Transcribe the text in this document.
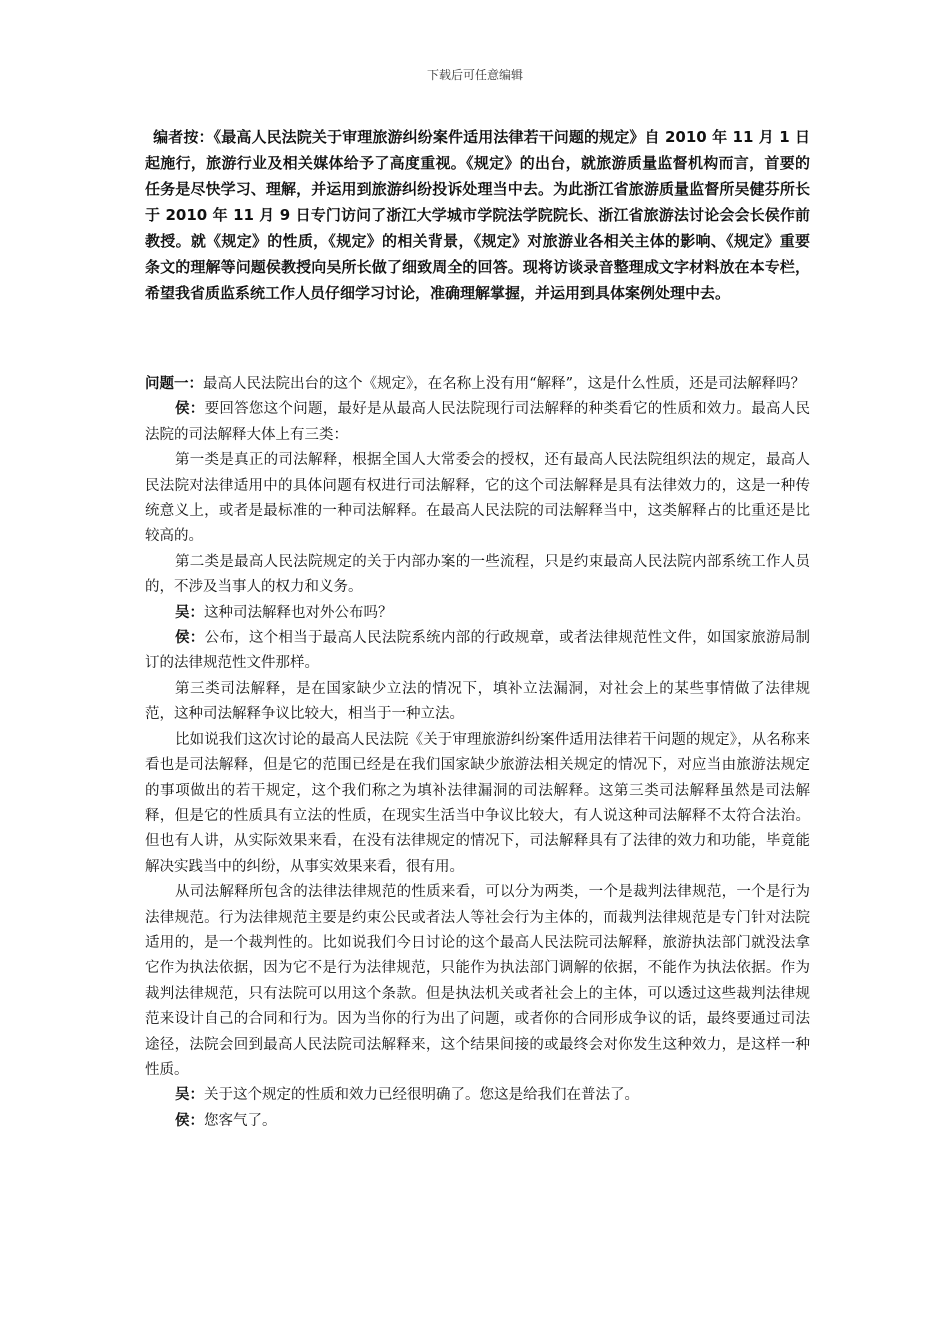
下载后可任意编辑
编者按：《最高人民法院关于审理旅游纠纷案件适用法律若干问题的规定》自 2010 年 11 月 1 日起施行，旅游行业及相关媒体给予了高度重视。《规定》的出台，就旅游质量监督机构而言，首要的任务是尽快学习、理解，并运用到旅游纠纷投诉处理当中去。为此浙江省旅游质量监督所吴健芬所长于 2010 年 11 月 9 日专门访问了浙江大学城市学院法学院院长、浙江省旅游法讨论会会长侯作前教授。就《规定》的性质，《规定》的相关背景，《规定》对旅游业各相关主体的影响、《规定》重要条文的理解等问题侯教授向吴所长做了细致周全的回答。现将访谈录音整理成文字材料放在本专栏，希望我省质监系统工作人员仔细学习讨论，准确理解掌握，并运用到具体案例处理中去。

问题一：最高人民法院出台的这个《规定》，在名称上没有用“解释”，这是什么性质，还是司法解释吗？

侯：要回答您这个问题，最好是从最高人民法院现行司法解释的种类看它的性质和效力。最高人民法院的司法解释大体上有三类：

第一类是真正的司法解释，根据全国人大常委会的授权，还有最高人民法院组织法的规定，最高人民法院对法律适用中的具体问题有权进行司法解释，它的这个司法解释是具有法律效力的，这是一种传统意义上，或者是最标准的一种司法解释。在最高人民法院的司法解释当中，这类解释占的比重还是比较高的。

第二类是最高人民法院规定的关于内部办案的一些流程，只是约束最高人民法院内部系统工作人员的，不涉及当事人的权力和义务。

吴：这种司法解释也对外公布吗？

侯：公布，这个相当于最高人民法院系统内部的行政规章，或者法律规范性文件，如国家旅游局制订的法律规范性文件那样。

第三类司法解释，是在国家缺少立法的情况下，填补立法漏洞，对社会上的某些事情做了法律规范，这种司法解释争议比较大，相当于一种立法。

比如说我们这次讨论的最高人民法院《关于审理旅游纠纷案件适用法律若干问题的规定》，从名称来看也是司法解释，但是它的范围已经是在我们国家缺少旅游法相关规定的情况下，对应当由旅游法规定的事项做出的若干规定，这个我们称之为填补法律漏洞的司法解释。这第三类司法解释虽然是司法解释，但是它的性质具有立法的性质，在现实生活当中争议比较大，有人说这种司法解释不太符合法治。但也有人讲，从实际效果来看，在没有法律规定的情况下，司法解释具有了法律的效力和功能，毕竟能解决实践当中的纠纷，从事实效果来看，很有用。

从司法解释所包含的法律法律规范的性质来看，可以分为两类，一个是裁判法律规范，一个是行为法律规范。行为法律规范主要是约束公民或者法人等社会行为主体的，而裁判法律规范是专门针对法院适用的，是一个裁判性的。比如说我们今日讨论的这个最高人民法院司法解释，旅游执法部门就没法拿它作为执法依据，因为它不是行为法律规范，只能作为执法部门调解的依据，不能作为执法依据。作为裁判法律规范，只有法院可以用这个条款。但是执法机关或者社会上的主体，可以透过这些裁判法律规范来设计自己的合同和行为。因为当你的行为出了问题，或者你的合同形成争议的话，最终要通过司法途径，法院会回到最高人民法院司法解释来，这个结果间接的或最终会对你发生这种效力，是这样一种性质。

吴：关于这个规定的性质和效力已经很明确了。您这是给我们在普法了。

侯：您客气了。
